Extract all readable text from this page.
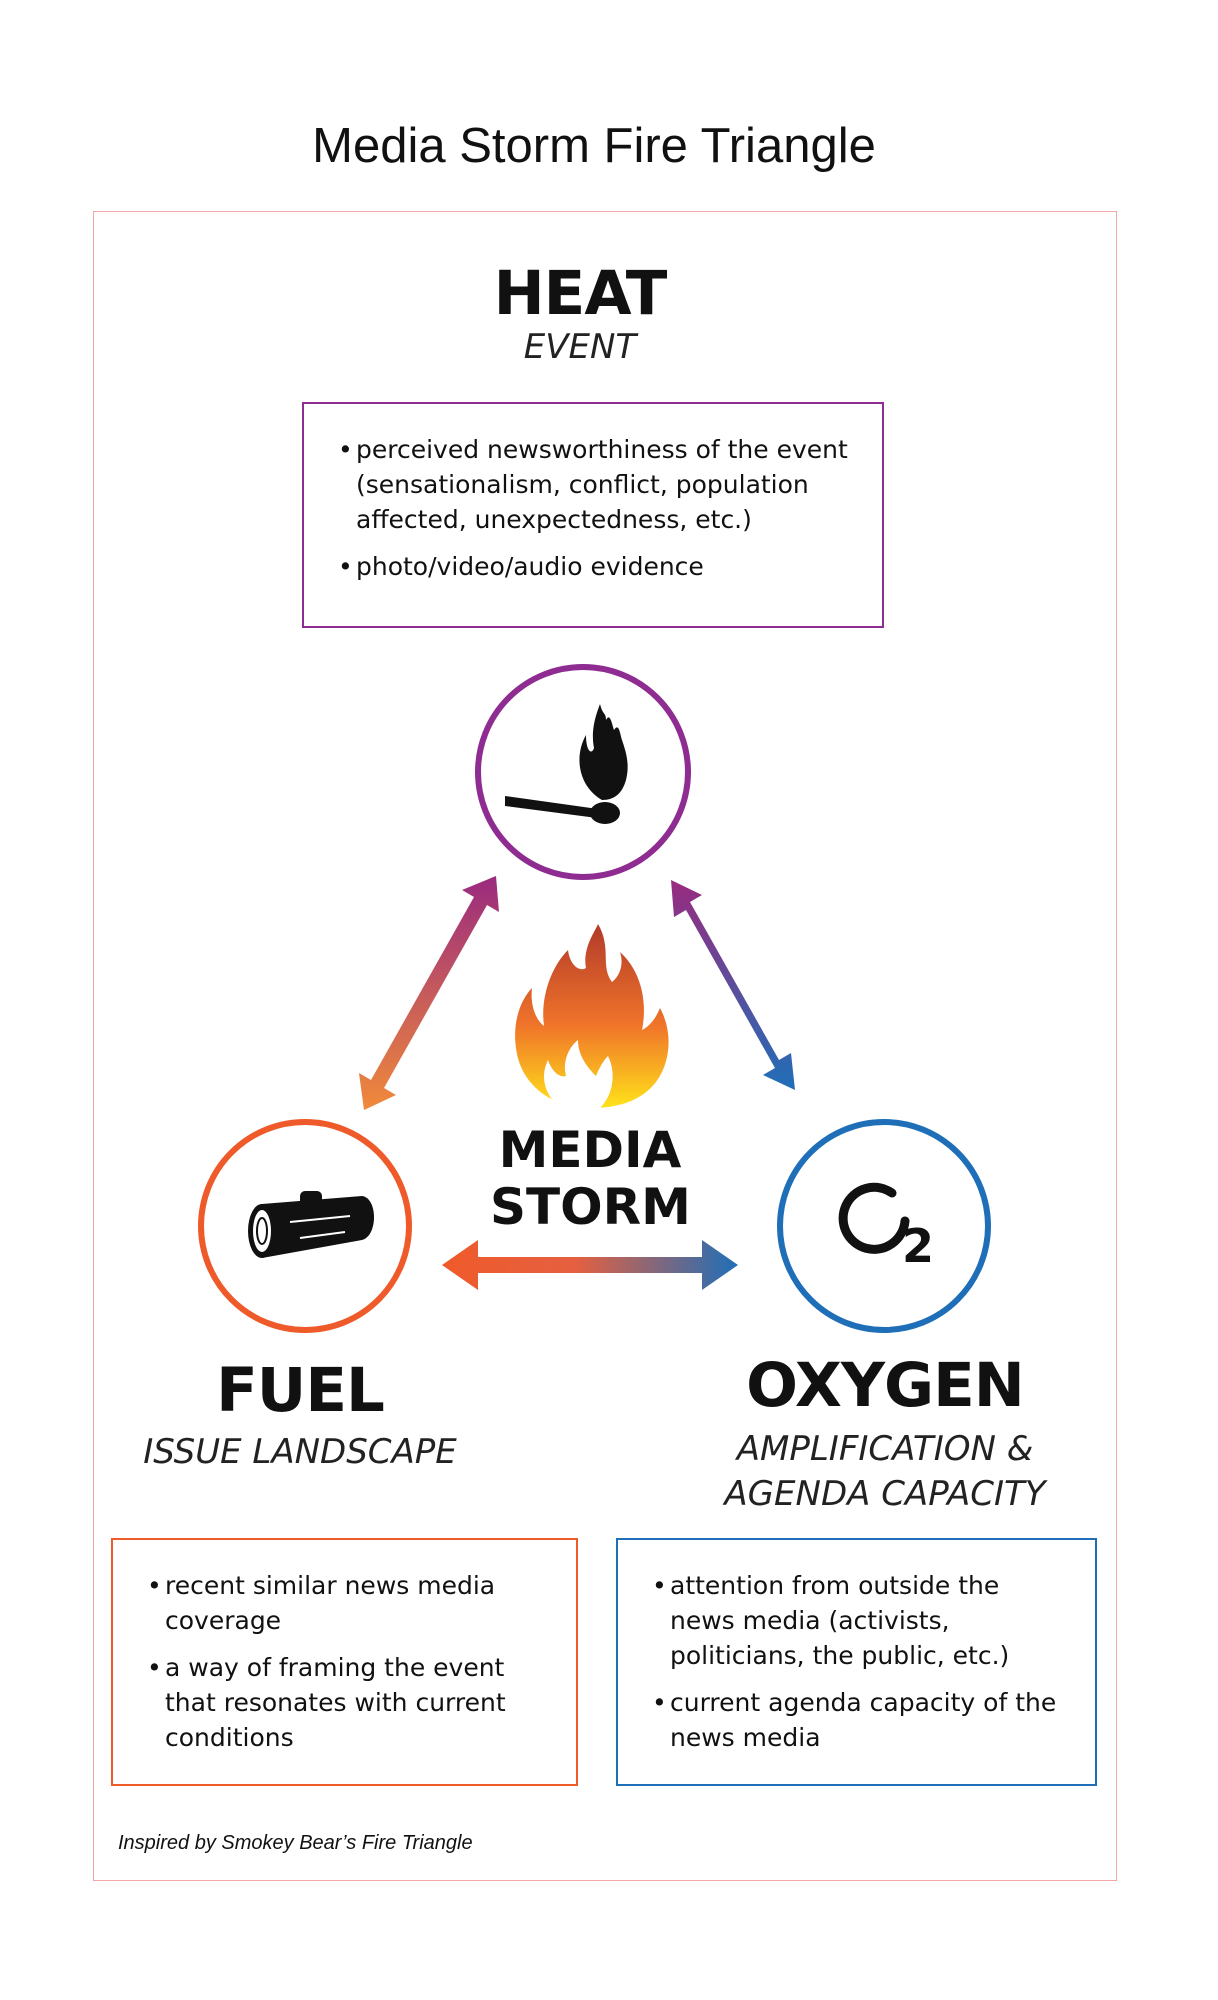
Media Storm Fire Triangle
HEAT
EVENT
• perceived newsworthiness of the event (sensationalism, conflict, population affected, unexpectedness, etc.)
• photo/video/audio evidence
2
MEDIA
STORM
FUEL
ISSUE LANDSCAPE
• recent similar news media coverage
• a way of framing the event that resonates with current conditions
OXYGEN
AMPLIFICATION &
AGENDA CAPACITY
• attention from outside the news media (activists, politicians, the public, etc.)
• current agenda capacity of the news media
Inspired by Smokey Bear’s Fire Triangle
